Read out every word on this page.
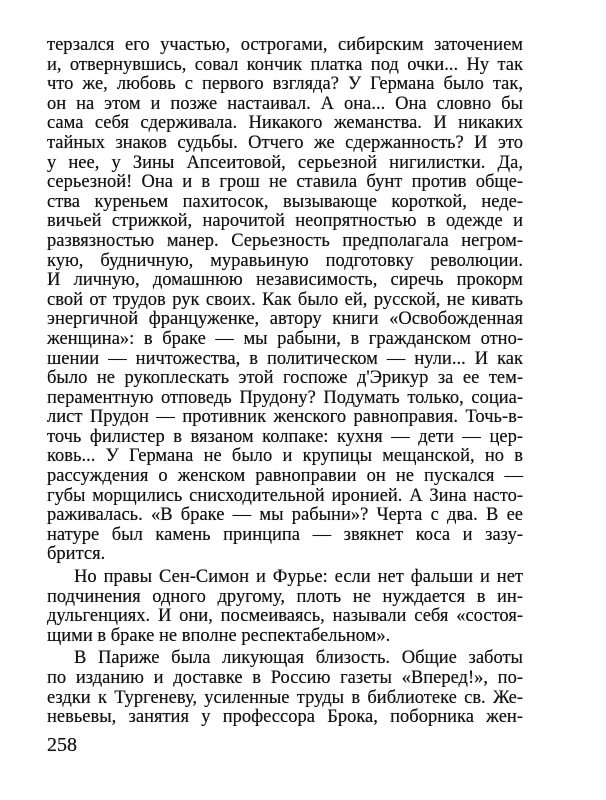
терзался его участью, острогами, сибирским заточением
и, отвернувшись, совал кончик платка под очки... Ну так
что же, любовь с первого взгляда? У Германа было так,
он на этом и позже настаивал. А она... Она словно бы
сама себя сдерживала. Никакого жеманства. И никаких
тайных знаков судьбы. Отчего же сдержанность? И это
у нее, у Зины Апсеитовой, серьезной нигилистки. Да,
серьезной! Она и в грош не ставила бунт против обще-
ства куреньем пахитосок, вызывающе короткой, неде-
вичьей стрижкой, нарочитой неопрятностью в одежде и
развязностью манер. Серьезность предполагала негром-
кую, будничную, муравьиную подготовку революции.
И личную, домашнюю независимость, сиречь прокорм
свой от трудов рук своих. Как было ей, русской, не кивать
энергичной француженке, автору книги «Освобожденная
женщина»: в браке — мы рабыни, в гражданском отно-
шении — ничтожества, в политическом — нули... И как
было не рукоплескать этой госпоже д'Эрикур за ее тем-
пераментную отповедь Прудону? Подумать только, социа-
лист Прудон — противник женского равноправия. Точь-в-
точь филистер в вязаном колпаке: кухня — дети — цер-
ковь... У Германа не было и крупицы мещанской, но в
рассуждения о женском равноправии он не пускался —
губы морщились снисходительной иронией. А Зина насто-
раживалась. «В браке — мы рабыни»? Черта с два. В ее
натуре был камень принципа — звякнет коса и зазу-
брится.
Но правы Сен-Симон и Фурье: если нет фальши и нет
подчинения одного другому, плоть не нуждается в ин-
дульгенциях. И они, посмеиваясь, называли себя «состоя-
щими в браке не вполне респектабельном».
В Париже была ликующая близость. Общие заботы
по изданию и доставке в Россию газеты «Вперед!», по-
ездки к Тургеневу, усиленные труды в библиотеке св. Же-
невьевы, занятия у профессора Брока, поборника жен-
258
